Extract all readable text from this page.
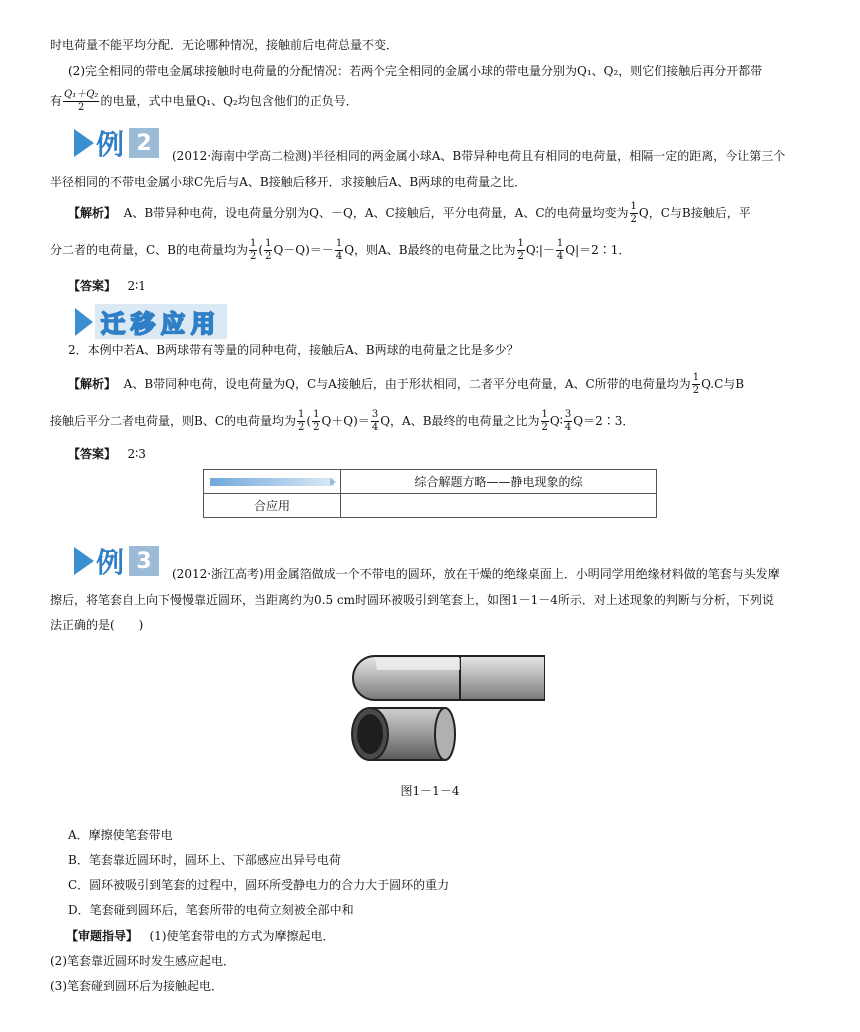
时电荷量不能平均分配．无论哪种情况，接触前后电荷总量不变．
(2)完全相同的带电金属球接触时电荷量的分配情况：若两个完全相同的金属小球的带电量分别为Q₁、Q₂，则它们接触后再分开都带
有 $\frac{\text{Q₁＋Q₂}}{2}$ 的电量，式中电量Q₁、Q₂均包含他们的正负号．
例 2
(2012·海南中学高二检测)半径相同的两金属小球A、B带异种电荷且有相同的电荷量，相隔一定的距离，今让第三个
半径相同的不带电金属小球C先后与A、B接触后移开．求接触后A、B两球的电荷量之比．
【解析】 A、B带异种电荷，设电荷量分别为Q、－Q，A、C接触后，平分电荷量，A、C的电荷量均变为 $\frac{1}{2}$ Q，C与B接触后，平
分二者的电荷量，C、B的电荷量均为 $\frac{1}{2}$ ( $\frac{1}{2} Q-Q)=- \frac{1}{4}$ Q，则A、B最终的电荷量之比为 $\frac{1}{2}$ Q∶|－ $\frac{1}{4}$ Q|＝2∶1．
【答案】 2∶1
迁移应用
2．本例中若A、B两球带有等量的同种电荷，接触后A、B两球的电荷量之比是多少？
【解析】 A、B带同种电荷，设电荷量为Q，C与A接触后，由于形状相同，二者平分电荷量，A、C所带的电荷量均为 $\frac{1}{2} Q.C$与B
接触后平分二者电荷量，则B、C的电荷量均为 $\frac{1}{2}$ ( $\frac{1}{2} Q+Q)= \frac{3}{4}$ Q，A、B最终的电荷量之比为 $\frac{1}{2}$ Q∶ $\frac{3}{4}$ Q＝2∶3．
【答案】 2∶3
	综合解题方略——静电现象的综
合应用	
例 3
(2012·浙江高考)用金属箔做成一个不带电的圆环，放在干燥的绝缘桌面上．小明同学用绝缘材料做的笔套与头发摩
擦后，将笔套自上向下慢慢靠近圆环，当距离约为0.5 cm时圆环被吸引到笔套上，如图1－1－4所示．对上述现象的判断与分析，下列说
法正确的是(　　)
图1－1－4
A．摩擦使笔套带电
B．笔套靠近圆环时，圆环上、下部感应出异号电荷
C．圆环被吸引到笔套的过程中，圆环所受静电力的合力大于圆环的重力
D．笔套碰到圆环后，笔套所带的电荷立刻被全部中和
【审题指导】 (1)使笔套带电的方式为摩擦起电．
(2)笔套靠近圆环时发生感应起电．
(3)笔套碰到圆环后为接触起电．
